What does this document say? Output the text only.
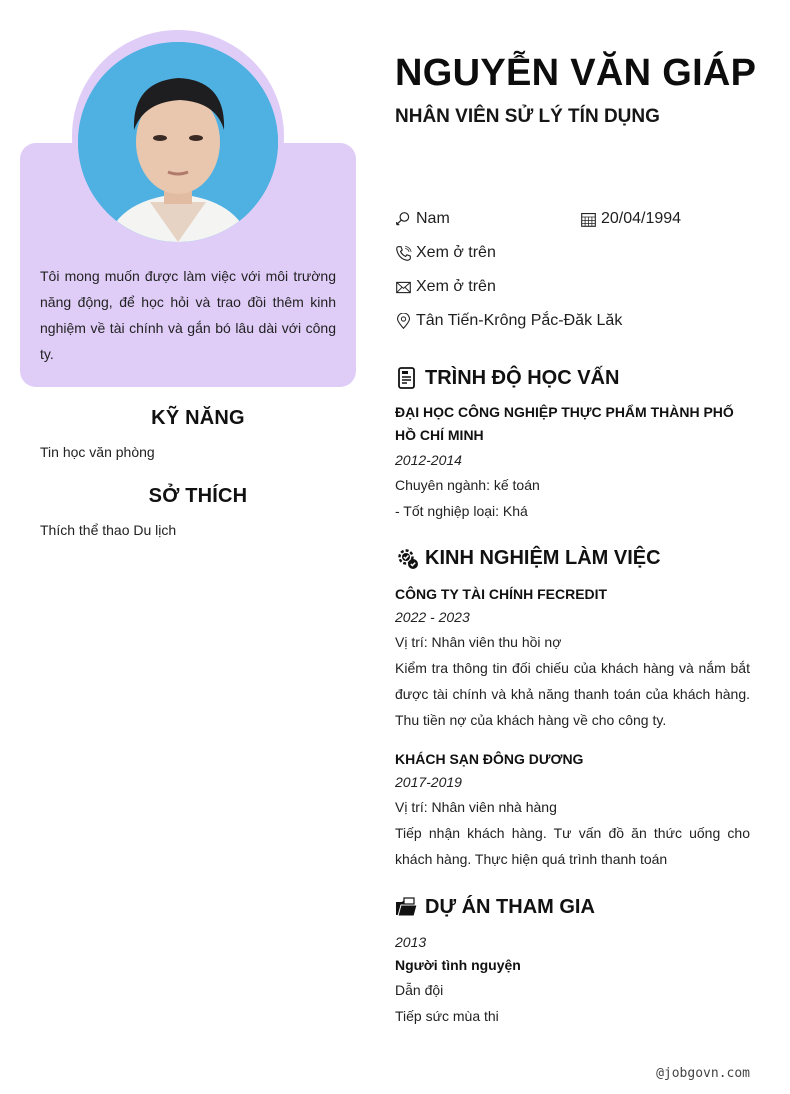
Tôi mong muốn được làm việc với môi trường năng động, để học hỏi và trao đồi thêm kinh nghiệm về tài chính và gắn bó lâu dài với công ty.

KỸ NĂNG
Tin học văn phòng
SỞ THÍCH
Thích thể thao Du lịch
NGUYỄN VĂN GIÁP
NHÂN VIÊN SỬ LÝ TÍN DỤNG
Nam	20/04/1994
Xem ở trên
Xem ở trên
Tân Tiến-Krông Pắc-Đăk Lăk
TRÌNH ĐỘ HỌC VẤN
ĐẠI HỌC CÔNG NGHIỆP THỰC PHẨM THÀNH PHỐ HỒ CHÍ MINH
2012-2014
Chuyên ngành: kế toán
- Tốt nghiệp loại: Khá
KINH NGHIỆM LÀM VIỆC
CÔNG TY TÀI CHÍNH FECREDIT
2022 - 2023
Vị trí: Nhân viên thu hồi nợ
Kiểm tra thông tin đối chiếu của khách hàng và nắm bắt được tài chính và khả năng thanh toán của khách hàng. Thu tiền nợ của khách hàng về cho công ty.
KHÁCH SẠN ĐÔNG DƯƠNG
2017-2019
Vị trí: Nhân viên nhà hàng
Tiếp nhận khách hàng. Tư vấn đồ ăn thức uống cho khách hàng. Thực hiện quá trình thanh toán
DỰ ÁN THAM GIA
2013
Người tình nguyện
Dẫn đội
Tiếp sức mùa thi
@jobgovn.com
